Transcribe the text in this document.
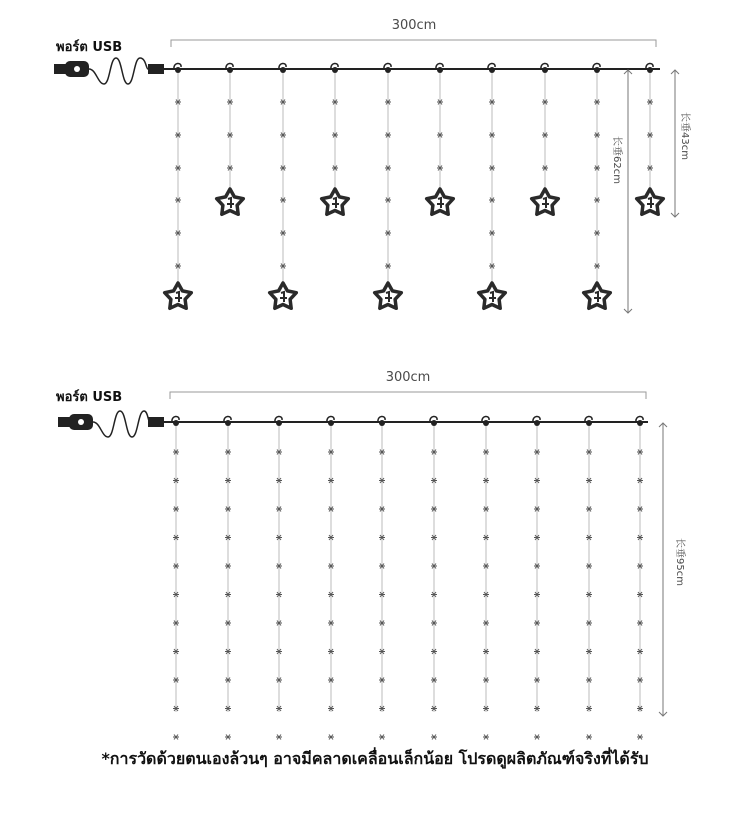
พอร์ต USB
300cm
长垂43cm
长垂62cm
พอร์ต USB
300cm
长垂95cm
*การวัดด้วยตนเองล้วนๆ อาจมีคลาดเคลื่อนเล็กน้อย โปรดดูผลิตภัณฑ์จริงที่ได้รับ
